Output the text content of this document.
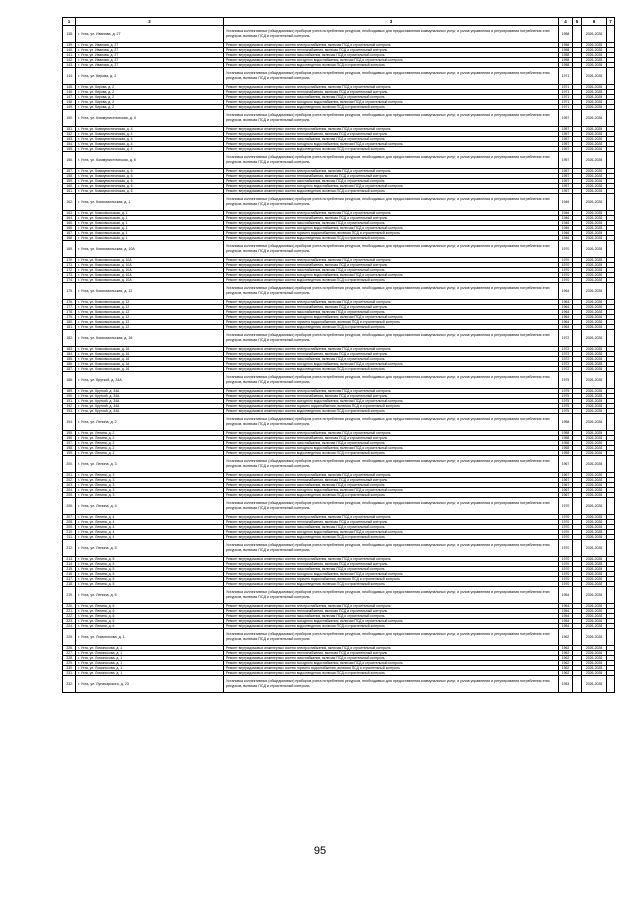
1	2	3	4	5	6	7
138.	г. Ухта, ул. Иванова, д. 27	Установка коллективных (общедомовых) приборов учета потребления ресурсов, необходимых для предоставления коммунальных услуг, и узлов управления и регулирования потребления этих ресурсов, включая ПСД и строительный контроль	1958		2026-2028	
139.	г. Ухта, ул. Иванова, д. 27	Ремонт внутридомовых инженерных систем электроснабжения, включая ПСД и строительный контроль	1958		2026-2028	
140.	г. Ухта, ул. Иванова, д. 27	Ремонт внутридомовых инженерных систем теплоснабжения, включая ПСД и строительный контроль	1958		2026-2028	
141.	г. Ухта, ул. Иванова, д. 27	Ремонт внутридомовых инженерных систем газоснабжения, включая ПСД и строительный контроль	1958		2026-2028	
142.	г. Ухта, ул. Иванова, д. 27	Ремонт внутридомовых инженерных систем холодного водоснабжения, включая ПСД и строительный контроль	1958		2026-2028	
143.	г. Ухта, ул. Иванова, д. 27	Ремонт внутридомовых инженерных систем водоотведения, включая ПСД и строительный контроль	1958		2026-2028	
144.	г. Ухта, ул. Кирова, д. 2	Установка коллективных (общедомовых) приборов учета потребления ресурсов, необходимых для предоставления коммунальных услуг, и узлов управления и регулирования потребления этих ресурсов, включая ПСД и строительный контроль	1971		2026-2028	
145.	г. Ухта, ул. Кирова, д. 2	Ремонт внутридомовых инженерных систем электроснабжения, включая ПСД и строительный контроль	1971		2026-2028	
146.	г. Ухта, ул. Кирова, д. 2	Ремонт внутридомовых инженерных систем теплоснабжения, включая ПСД и строительный контроль	1971		2026-2028	
147.	г. Ухта, ул. Кирова, д. 2	Ремонт внутридомовых инженерных систем газоснабжения, включая ПСД и строительный контроль	1971		2026-2028	
148.	г. Ухта, ул. Кирова, д. 2	Ремонт внутридомовых инженерных систем холодного водоснабжения, включая ПСД и строительный контроль	1971		2026-2028	
149.	г. Ухта, ул. Кирова, д. 2	Ремонт внутридомовых инженерных систем водоотведения, включая ПСД и строительный контроль	1971		2026-2028	
150.	г. Ухта, ул. Коммунистическая, д. 4	Установка коллективных (общедомовых) приборов учета потребления ресурсов, необходимых для предоставления коммунальных услуг, и узлов управления и регулирования потребления этих ресурсов, включая ПСД и строительный контроль	1957		2026-2028	
151.	г. Ухта, ул. Коммунистическая, д. 4	Ремонт внутридомовых инженерных систем электроснабжения, включая ПСД и строительный контроль	1957		2026-2028	
152.	г. Ухта, ул. Коммунистическая, д. 4	Ремонт внутридомовых инженерных систем теплоснабжения, включая ПСД и строительный контроль	1957		2026-2028	
153.	г. Ухта, ул. Коммунистическая, д. 4	Ремонт внутридомовых инженерных систем газоснабжения, включая ПСД и строительный контроль	1957		2026-2028	
154.	г. Ухта, ул. Коммунистическая, д. 4	Ремонт внутридомовых инженерных систем холодного водоснабжения, включая ПСД и строительный контроль	1957		2026-2028	
155.	г. Ухта, ул. Коммунистическая, д. 4	Ремонт внутридомовых инженерных систем водоотведения, включая ПСД и строительный контроль	1957		2026-2028	
156.	г. Ухта, ул. Коммунистическая, д. 6	Установка коллективных (общедомовых) приборов учета потребления ресурсов, необходимых для предоставления коммунальных услуг, и узлов управления и регулирования потребления этих ресурсов, включая ПСД и строительный контроль	1957		2026-2028	
157.	г. Ухта, ул. Коммунистическая, д. 6	Ремонт внутридомовых инженерных систем электроснабжения, включая ПСД и строительный контроль	1957		2026-2028	
158.	г. Ухта, ул. Коммунистическая, д. 6	Ремонт внутридомовых инженерных систем теплоснабжения, включая ПСД и строительный контроль	1957		2026-2028	
159.	г. Ухта, ул. Коммунистическая, д. 6	Ремонт внутридомовых инженерных систем газоснабжения, включая ПСД и строительный контроль	1957		2026-2028	
160.	г. Ухта, ул. Коммунистическая, д. 6	Ремонт внутридомовых инженерных систем холодного водоснабжения, включая ПСД и строительный контроль	1957		2026-2028	
161.	г. Ухта, ул. Коммунистическая, д. 6	Ремонт внутридомовых инженерных систем водоотведения, включая ПСД и строительный контроль	1957		2026-2028	
162.	г. Ухта, ул. Комсомольская, д. 1	Установка коллективных (общедомовых) приборов учета потребления ресурсов, необходимых для предоставления коммунальных услуг, и узлов управления и регулирования потребления этих ресурсов, включая ПСД и строительный контроль	1946		2026-2028	
163.	г. Ухта, ул. Комсомольская, д. 1	Ремонт внутридомовых инженерных систем электроснабжения, включая ПСД и строительный контроль	1946		2026-2028	
164.	г. Ухта, ул. Комсомольская, д. 1	Ремонт внутридомовых инженерных систем теплоснабжения, включая ПСД и строительный контроль	1946		2026-2028	
165.	г. Ухта, ул. Комсомольская, д. 1	Ремонт внутридомовых инженерных систем газоснабжения, включая ПСД и строительный контроль	1946		2026-2028	
166.	г. Ухта, ул. Комсомольская, д. 1	Ремонт внутридомовых инженерных систем холодного водоснабжения, включая ПСД и строительный контроль	1946		2026-2028	
167.	г. Ухта, ул. Комсомольская, д. 1	Ремонт внутридомовых инженерных систем горячего водоснабжения, включая ПСД и строительный контроль	1946		2026-2028	
168.	г. Ухта, ул. Комсомольская, д. 1	Ремонт внутридомовых инженерных систем водоотведения, включая ПСД и строительный контроль	1946		2026-2028	
169.	г. Ухта, ул. Комсомольская, д. 10А	Установка коллективных (общедомовых) приборов учета потребления ресурсов, необходимых для предоставления коммунальных услуг, и узлов управления и регулирования потребления этих ресурсов, включая ПСД и строительный контроль	1970		2026-2028	
170.	г. Ухта, ул. Комсомольская, д. 10А	Ремонт внутридомовых инженерных систем электроснабжения, включая ПСД и строительный контроль	1970		2026-2028	
171.	г. Ухта, ул. Комсомольская, д. 10А	Ремонт внутридомовых инженерных систем теплоснабжения, включая ПСД и строительный контроль	1970		2026-2028	
172.	г. Ухта, ул. Комсомольская, д. 10А	Ремонт внутридомовых инженерных систем газоснабжения, включая ПСД и строительный контроль	1970		2026-2028	
173.	г. Ухта, ул. Комсомольская, д. 10А	Ремонт внутридомовых инженерных систем холодного водоснабжения, включая ПСД и строительный контроль	1970		2026-2028	
174.	г. Ухта, ул. Комсомольская, д. 10А	Ремонт внутридомовых инженерных систем водоотведения, включая ПСД и строительный контроль	1970		2026-2028	
175.	г. Ухта, ул. Комсомольская, д. 12	Установка коллективных (общедомовых) приборов учета потребления ресурсов, необходимых для предоставления коммунальных услуг, и узлов управления и регулирования потребления этих ресурсов, включая ПСД и строительный контроль	1964		2026-2028	
176.	г. Ухта, ул. Комсомольская, д. 12	Ремонт внутридомовых инженерных систем электроснабжения, включая ПСД и строительный контроль	1964		2026-2028	
177.	г. Ухта, ул. Комсомольская, д. 12	Ремонт внутридомовых инженерных систем теплоснабжения, включая ПСД и строительный контроль	1964		2026-2028	
178.	г. Ухта, ул. Комсомольская, д. 12	Ремонт внутридомовых инженерных систем газоснабжения, включая ПСД и строительный контроль	1964		2026-2028	
179.	г. Ухта, ул. Комсомольская, д. 12	Ремонт внутридомовых инженерных систем холодного водоснабжения, включая ПСД и строительный контроль	1964		2026-2028	
180.	г. Ухта, ул. Комсомольская, д. 12	Ремонт внутридомовых инженерных систем горячего водоснабжения, включая ПСД и строительный контроль	1964		2026-2028	
181.	г. Ухта, ул. Комсомольская, д. 12	Ремонт внутридомовых инженерных систем водоотведения, включая ПСД и строительный контроль	1964		2026-2028	
182.	г. Ухта, ул. Комсомольская, д. 16	Установка коллективных (общедомовых) приборов учета потребления ресурсов, необходимых для предоставления коммунальных услуг, и узлов управления и регулирования потребления этих ресурсов, включая ПСД и строительный контроль	1972		2026-2028	
183.	г. Ухта, ул. Комсомольская, д. 16	Ремонт внутридомовых инженерных систем электроснабжения, включая ПСД и строительный контроль	1972		2026-2028	
184.	г. Ухта, ул. Комсомольская, д. 16	Ремонт внутридомовых инженерных систем теплоснабжения, включая ПСД и строительный контроль	1972		2026-2028	
185.	г. Ухта, ул. Комсомольская, д. 16	Ремонт внутридомовых инженерных систем газоснабжения, включая ПСД и строительный контроль	1972		2026-2028	
186.	г. Ухта, ул. Комсомольская, д. 16	Ремонт внутридомовых инженерных систем холодного водоснабжения, включая ПСД и строительный контроль	1972		2026-2028	
187.	г. Ухта, ул. Комсомольская, д. 16	Ремонт внутридомовых инженерных систем водоотведения, включая ПСД и строительный контроль	1972		2026-2028	
188.	г. Ухта, ул. Круткой, д. 34А	Установка коллективных (общедомовых) приборов учета потребления ресурсов, необходимых для предоставления коммунальных услуг, и узлов управления и регулирования потребления этих ресурсов, включая ПСД и строительный контроль	1975		2026-2028	
189.	г. Ухта, ул. Круткой, д. 34А	Ремонт внутридомовых инженерных систем электроснабжения, включая ПСД и строительный контроль	1975		2026-2028	
190.	г. Ухта, ул. Круткой, д. 34А	Ремонт внутридомовых инженерных систем теплоснабжения, включая ПСД и строительный контроль	1975		2026-2028	
191.	г. Ухта, ул. Круткой, д. 34А	Ремонт внутридомовых инженерных систем холодного водоснабжения, включая ПСД и строительный контроль	1975		2026-2028	
192.	г. Ухта, ул. Круткой, д. 34А	Ремонт внутридомовых инженерных систем горячего водоснабжения, включая ПСД и строительный контроль	1975		2026-2028	
193.	г. Ухта, ул. Круткой, д. 34А	Ремонт внутридомовых инженерных систем водоотведения, включая ПСД и строительный контроль	1975		2026-2028	
194.	г. Ухта, ул. Ленина, д. 2	Установка коллективных (общедомовых) приборов учета потребления ресурсов, необходимых для предоставления коммунальных услуг, и узлов управления и регулирования потребления этих ресурсов, включая ПСД и строительный контроль	1958		2026-2028	
195.	г. Ухта, ул. Ленина, д. 2	Ремонт внутридомовых инженерных систем электроснабжения, включая ПСД и строительный контроль	1958		2026-2028	
196.	г. Ухта, ул. Ленина, д. 2	Ремонт внутридомовых инженерных систем теплоснабжения, включая ПСД и строительный контроль	1958		2026-2028	
197.	г. Ухта, ул. Ленина, д. 2	Ремонт внутридомовых инженерных систем газоснабжения, включая ПСД и строительный контроль	1958		2026-2028	
198.	г. Ухта, ул. Ленина, д. 2	Ремонт внутридомовых инженерных систем холодного водоснабжения, включая ПСД и строительный контроль	1958		2026-2028	
199.	г. Ухта, ул. Ленина, д. 2	Ремонт внутридомовых инженерных систем водоотведения, включая ПСД и строительный контроль	1958		2026-2028	
200.	г. Ухта, ул. Ленина, д. 3	Установка коллективных (общедомовых) приборов учета потребления ресурсов, необходимых для предоставления коммунальных услуг, и узлов управления и регулирования потребления этих ресурсов, включая ПСД и строительный контроль	1967		2026-2028	
201.	г. Ухта, ул. Ленина, д. 3	Ремонт внутридомовых инженерных систем электроснабжения, включая ПСД и строительный контроль	1967		2026-2028	
202.	г. Ухта, ул. Ленина, д. 3	Ремонт внутридомовых инженерных систем теплоснабжения, включая ПСД и строительный контроль	1967		2026-2028	
203.	г. Ухта, ул. Ленина, д. 3	Ремонт внутридомовых инженерных систем газоснабжения, включая ПСД и строительный контроль	1967		2026-2028	
204.	г. Ухта, ул. Ленина, д. 3	Ремонт внутридомовых инженерных систем холодного водоснабжения, включая ПСД и строительный контроль	1967		2026-2028	
205.	г. Ухта, ул. Ленина, д. 3	Ремонт внутридомовых инженерных систем водоотведения, включая ПСД и строительный контроль	1967		2026-2028	
206.	г. Ухта, ул. Ленина, д. 4	Установка коллективных (общедомовых) приборов учета потребления ресурсов, необходимых для предоставления коммунальных услуг, и узлов управления и регулирования потребления этих ресурсов, включая ПСД и строительный контроль	1970		2026-2028	
207.	г. Ухта, ул. Ленина, д. 4	Ремонт внутридомовых инженерных систем электроснабжения, включая ПСД и строительный контроль	1970		2026-2028	
208.	г. Ухта, ул. Ленина, д. 4	Ремонт внутридомовых инженерных систем теплоснабжения, включая ПСД и строительный контроль	1970		2026-2028	
209.	г. Ухта, ул. Ленина, д. 4	Ремонт внутридомовых инженерных систем газоснабжения, включая ПСД и строительный контроль	1970		2026-2028	
210.	г. Ухта, ул. Ленина, д. 4	Ремонт внутридомовых инженерных систем холодного водоснабжения, включая ПСД и строительный контроль	1970		2026-2028	
211.	г. Ухта, ул. Ленина, д. 4	Ремонт внутридомовых инженерных систем водоотведения, включая ПСД и строительный контроль	1970		2026-2028	
212.	г. Ухта, ул. Ленина, д. 5	Установка коллективных (общедомовых) приборов учета потребления ресурсов, необходимых для предоставления коммунальных услуг, и узлов управления и регулирования потребления этих ресурсов, включая ПСД и строительный контроль	1970		2026-2028	
213.	г. Ухта, ул. Ленина, д. 5	Ремонт внутридомовых инженерных систем электроснабжения, включая ПСД и строительный контроль	1970		2026-2028	
214.	г. Ухта, ул. Ленина, д. 5	Ремонт внутридомовых инженерных систем теплоснабжения, включая ПСД и строительный контроль	1970		2026-2028	
215.	г. Ухта, ул. Ленина, д. 5	Ремонт внутридомовых инженерных систем газоснабжения, включая ПСД и строительный контроль	1970		2026-2028	
216.	г. Ухта, ул. Ленина, д. 5	Ремонт внутридомовых инженерных систем холодного водоснабжения, включая ПСД и строительный контроль	1970		2026-2028	
217.	г. Ухта, ул. Ленина, д. 5	Ремонт внутридомовых инженерных систем горячего водоснабжения, включая ПСД и строительный контроль	1970		2026-2028	
218.	г. Ухта, ул. Ленина, д. 5	Ремонт внутридомовых инженерных систем водоотведения, включая ПСД и строительный контроль	1970		2026-2028	
219.	г. Ухта, ул. Ленина, д. 6	Установка коллективных (общедомовых) приборов учета потребления ресурсов, необходимых для предоставления коммунальных услуг, и узлов управления и регулирования потребления этих ресурсов, включая ПСД и строительный контроль	1954		2026-2028	
220.	г. Ухта, ул. Ленина, д. 6	Ремонт внутридомовых инженерных систем электроснабжения, включая ПСД и строительный контроль	1954		2026-2028	
221.	г. Ухта, ул. Ленина, д. 6	Ремонт внутридомовых инженерных систем теплоснабжения, включая ПСД и строительный контроль	1954		2026-2028	
222.	г. Ухта, ул. Ленина, д. 6	Ремонт внутридомовых инженерных систем газоснабжения, включая ПСД и строительный контроль	1954		2026-2028	
223.	г. Ухта, ул. Ленина, д. 6	Ремонт внутридомовых инженерных систем холодного водоснабжения, включая ПСД и строительный контроль	1954		2026-2028	
224.	г. Ухта, ул. Ленина, д. 6	Ремонт внутридомовых инженерных систем водоотведения, включая ПСД и строительный контроль	1954		2026-2028	
225.	г. Ухта, ул. Ломоносова, д. 1	Установка коллективных (общедомовых) приборов учета потребления ресурсов, необходимых для предоставления коммунальных услуг, и узлов управления и регулирования потребления этих ресурсов, включая ПСД и строительный контроль	1962		2026-2028	
226.	г. Ухта, ул. Ломоносова, д. 1	Ремонт внутридомовых инженерных систем электроснабжения, включая ПСД и строительный контроль	1962		2026-2028	
227.	г. Ухта, ул. Ломоносова, д. 1	Ремонт внутридомовых инженерных систем теплоснабжения, включая ПСД и строительный контроль	1962		2026-2028	
228.	г. Ухта, ул. Ломоносова, д. 1	Ремонт внутридомовых инженерных систем газоснабжения, включая ПСД и строительный контроль	1962		2026-2028	
229.	г. Ухта, ул. Ломоносова, д. 1	Ремонт внутридомовых инженерных систем холодного водоснабжения, включая ПСД и строительный контроль	1962		2026-2028	
230.	г. Ухта, ул. Ломоносова, д. 1	Ремонт внутридомовых инженерных систем горячего водоснабжения, включая ПСД и строительный контроль	1962		2026-2028	
231.	г. Ухта, ул. Ломоносова, д. 1	Ремонт внутридомовых инженерных систем водоотведения, включая ПСД и строительный контроль	1962		2026-2028	
232.	г. Ухта, ул. Луначарского, д. 23	Установка коллективных (общедомовых) приборов учета потребления ресурсов, необходимых для предоставления коммунальных услуг, и узлов управления и регулирования потребления этих ресурсов, включая ПСД и строительный контроль	1953		2026-2028	
95
